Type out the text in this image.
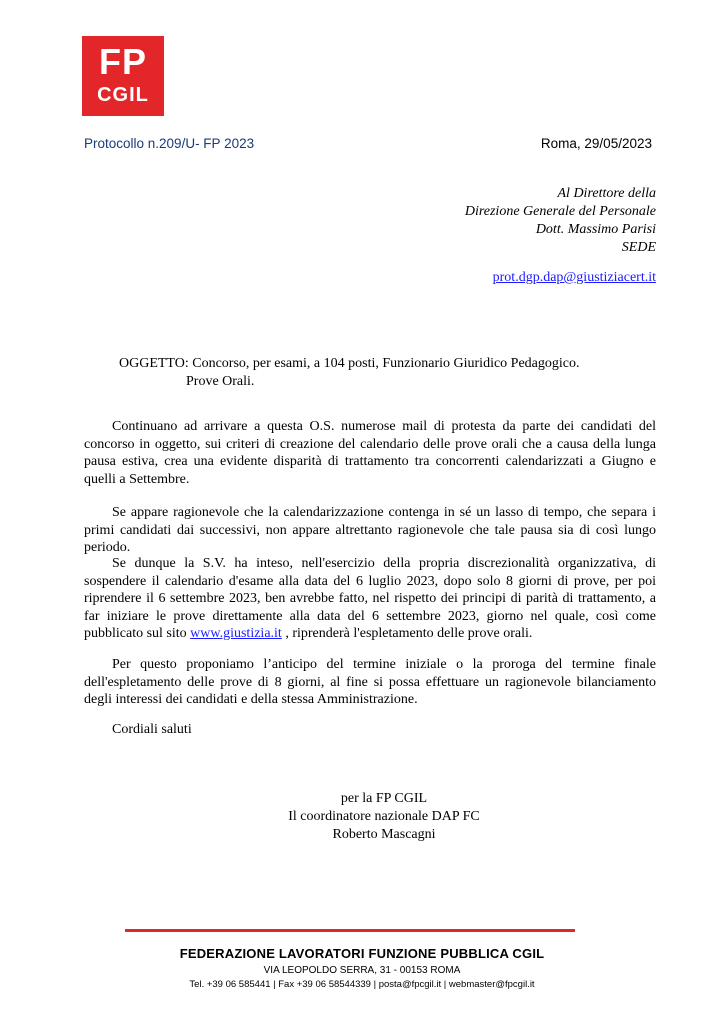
FP
CGIL
Protocollo n.209/U- FP 2023	Roma, 29/05/2023
Al Direttore della
Direzione Generale del Personale
Dott. Massimo Parisi
SEDE
prot.dgp.dap@giustiziacert.it
OGGETTO: Concorso, per esami, a 104 posti, Funzionario Giuridico Pedagogico.
Prove Orali.
Continuano ad arrivare a questa O.S. numerose mail di protesta da parte dei candidati del concorso in oggetto, sui criteri di creazione del calendario delle prove orali che a causa della lunga pausa estiva, crea una evidente disparità di trattamento tra concorrenti calendarizzati a Giugno e quelli a Settembre.
Se appare ragionevole che la calendarizzazione contenga in sé un lasso di tempo, che separa i primi candidati dai successivi, non appare altrettanto ragionevole che tale pausa sia di così lungo periodo.
Se dunque la S.V. ha inteso, nell'esercizio della propria discrezionalità organizzativa, di sospendere il calendario d'esame alla data del 6 luglio 2023, dopo solo 8 giorni di prove, per poi riprendere il 6 settembre 2023, ben avrebbe fatto, nel rispetto dei principi di parità di trattamento, a far iniziare le prove direttamente alla data del 6 settembre 2023, giorno nel quale, così come pubblicato sul sito www.giustizia.it , riprenderà l'espletamento delle prove orali.
Per questo proponiamo l’anticipo del termine iniziale o la proroga del termine finale dell'espletamento delle prove di 8 giorni, al fine si possa effettuare un ragionevole bilanciamento degli interessi dei candidati e della stessa Amministrazione.
Cordiali saluti
per la FP CGIL
Il coordinatore nazionale DAP FC
Roberto Mascagni
FEDERAZIONE LAVORATORI FUNZIONE PUBBLICA CGIL
VIA LEOPOLDO SERRA, 31 - 00153 ROMA
Tel. +39 06 585441 | Fax +39 06 58544339 | posta@fpcgil.it | webmaster@fpcgil.it
